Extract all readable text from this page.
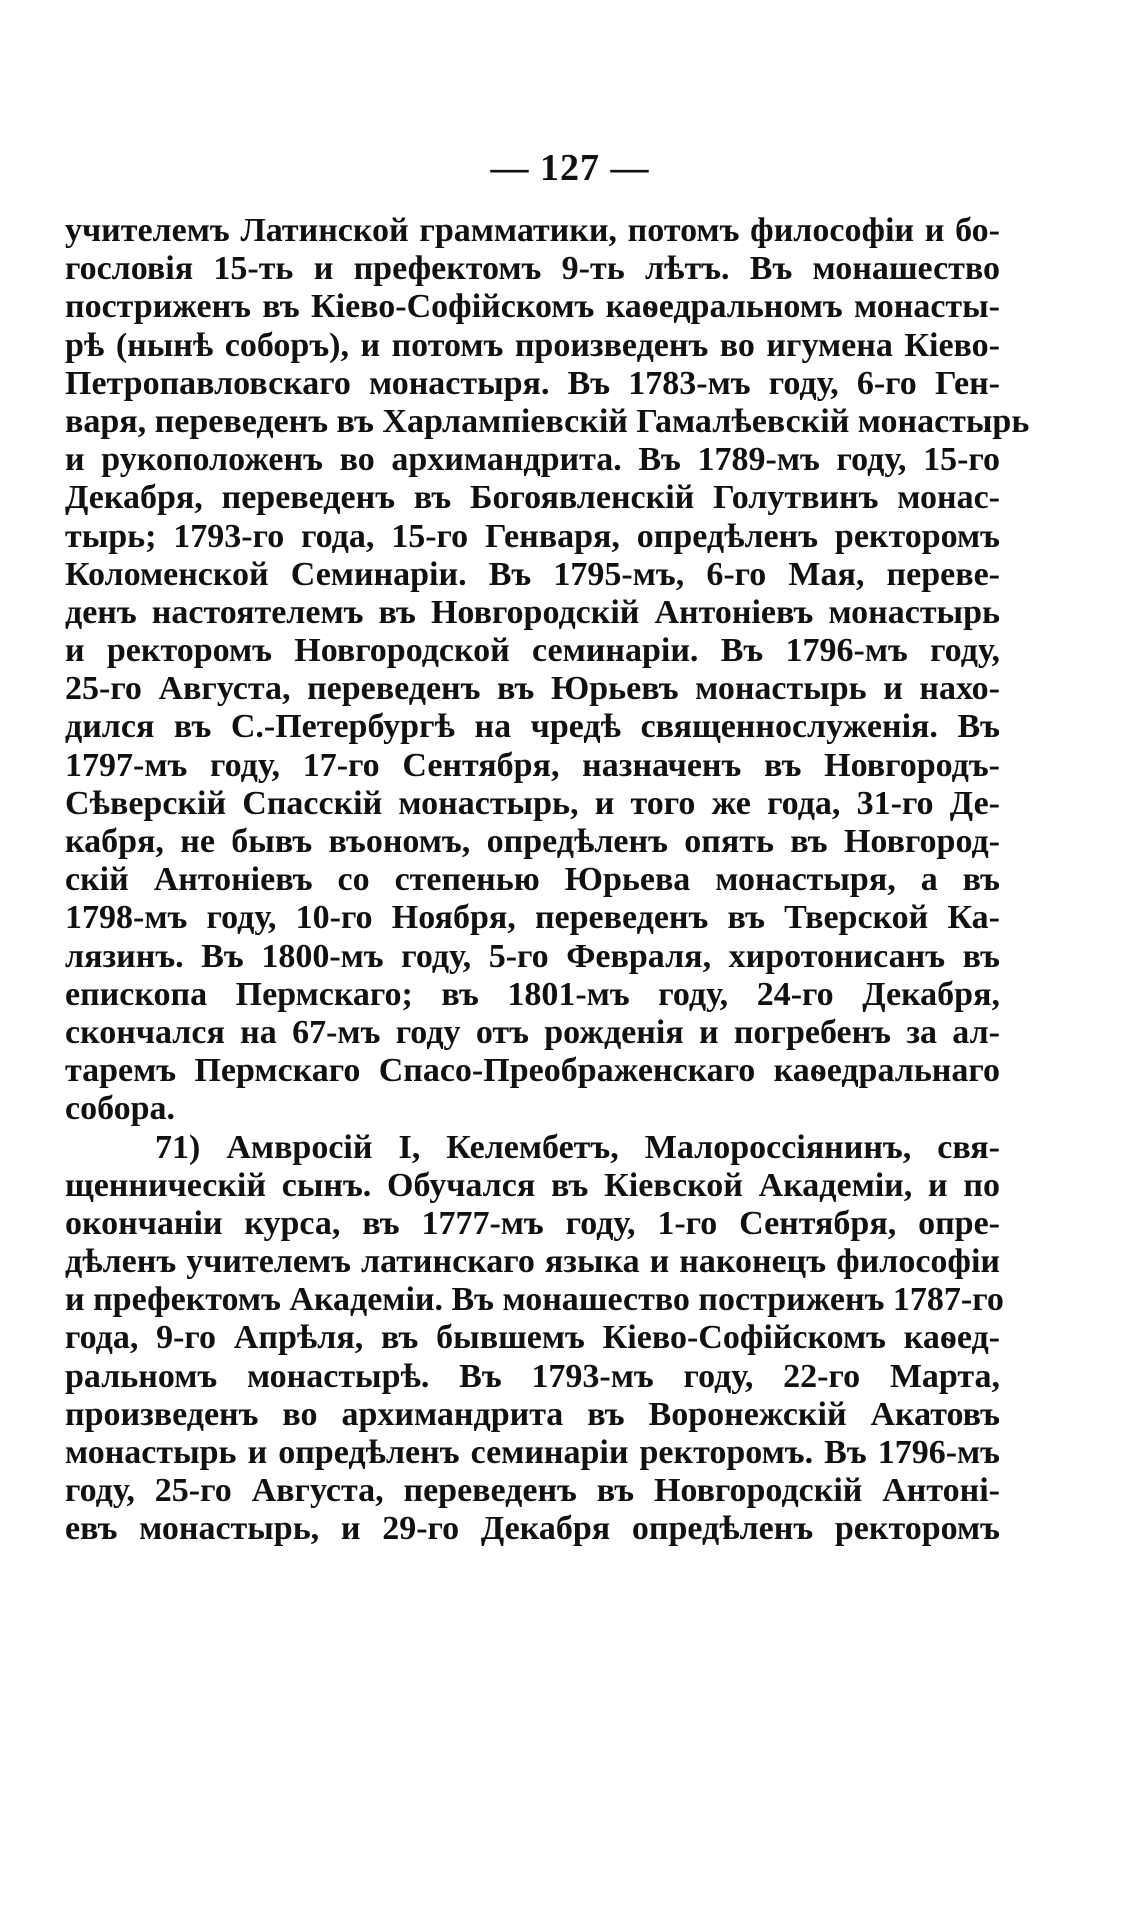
— 127 —
учителемъ Латинской грамматики, потомъ философіи и бо-
гословія 15-ть и префектомъ 9-ть лѣтъ. Въ монашество
постриженъ въ Кіево-Софійскомъ каѳедральномъ монасты-
рѣ (нынѣ соборъ), и потомъ произведенъ во игумена Кіево-
Петропавловскаго монастыря. Въ 1783-мъ году, 6-го Ген-
варя, переведенъ въ Харлампіевскій Гамалѣевскій монастырь
и рукоположенъ во архимандрита. Въ 1789-мъ году, 15-го
Декабря, переведенъ въ Богоявленскій Голутвинъ монас-
тырь; 1793-го года, 15-го Генваря, опредѣленъ ректоромъ
Коломенской Семинаріи. Въ 1795-мъ, 6-го Мая, переве-
денъ настоятелемъ въ Новгородскій Антоніевъ монастырь
и ректоромъ Новгородской семинаріи. Въ 1796-мъ году,
25-го Августа, переведенъ въ Юрьевъ монастырь и нахо-
дился въ С.-Петербургѣ на чредѣ священнослуженія. Въ
1797-мъ году, 17-го Сентября, назначенъ въ Новгородъ-
Сѣверскій Спасскій монастырь, и того же года, 31-го Де-
кабря, не бывъ въономъ, опредѣленъ опять въ Новгород-
скій Антоніевъ со степенью Юрьева монастыря, а въ
1798-мъ году, 10-го Ноября, переведенъ въ Тверской Ка-
лязинъ. Въ 1800-мъ году, 5-го Февраля, хиротонисанъ въ
епископа Пермскаго; въ 1801-мъ году, 24-го Декабря,
скончался на 67-мъ году отъ рожденія и погребенъ за ал-
таремъ Пермскаго Спасо-Преображенскаго каѳедральнаго
собора.
71) Амвросій I, Келембетъ, Малороссіянинъ, свя-
щенническій сынъ. Обучался въ Кіевской Академіи, и по
окончаніи курса, въ 1777-мъ году, 1-го Сентября, опре-
дѣленъ учителемъ латинскаго языка и наконецъ философіи
и префектомъ Академіи. Въ монашество постриженъ 1787-го
года, 9-го Апрѣля, въ бывшемъ Кіево-Софійскомъ каѳед-
ральномъ монастырѣ. Въ 1793-мъ году, 22-го Марта,
произведенъ во архимандрита въ Воронежскій Акатовъ
монастырь и опредѣленъ семинаріи ректоромъ. Въ 1796-мъ
году, 25-го Августа, переведенъ въ Новгородскій Антоні-
евъ монастырь, и 29-го Декабря опредѣленъ ректоромъ
